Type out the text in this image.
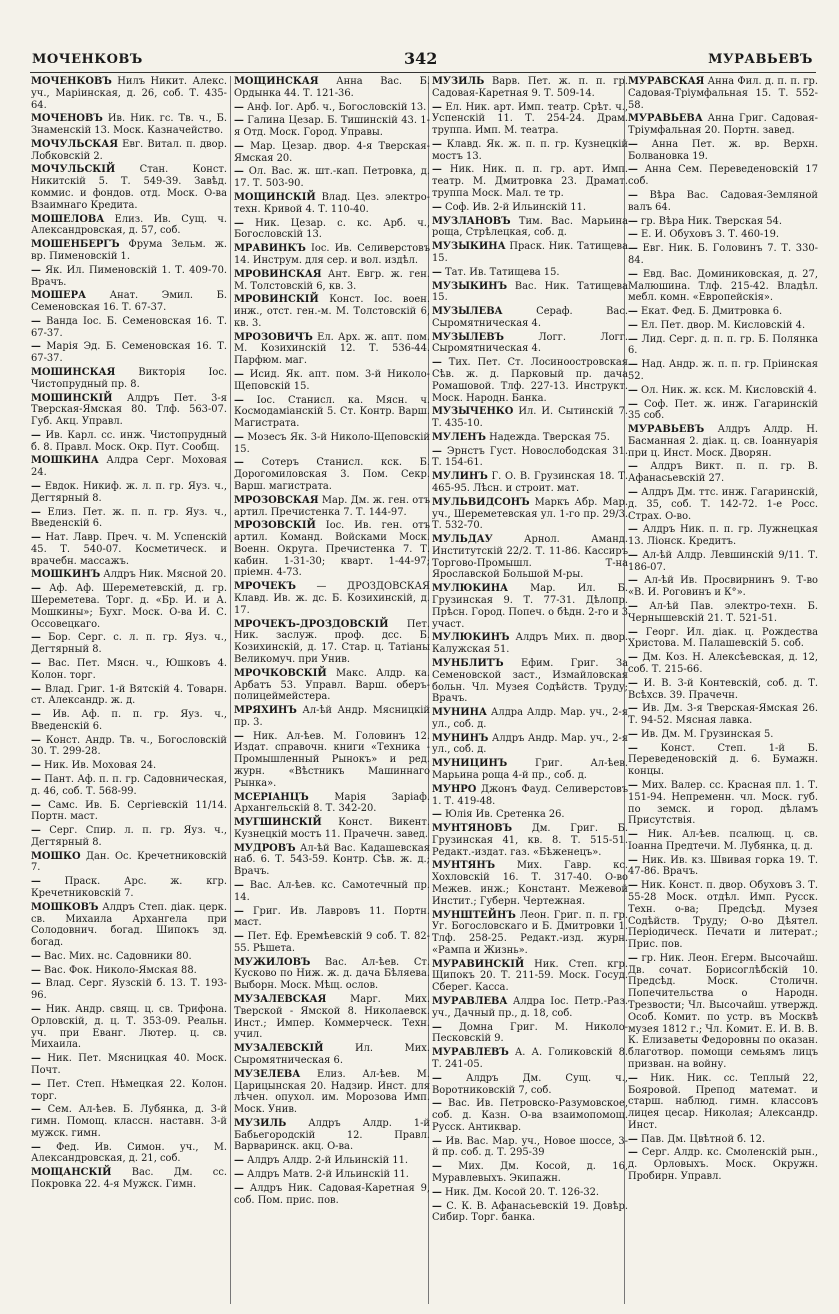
МОЧЕНКОВЪ	342	МУРАВЬЕВЪ
МОЧЕНКОВЪ Нилъ Никит. Алекс. уч., Маріинская, д. 26, соб. Т. 435-64.
МОЧЕНОВЪ Ив. Ник. гс. Тв. ч., Б. Знаменскій 13. Моск. Казначейство.
МОЧУЛЬСКАЯ Евг. Витал. п. двор. Лобковскій 2.
МОЧУЛЬСКІЙ Стан. Конст. Никитскій 5. Т. 549-39. Завѣд. коммис. и фондов. отд. Моск. О-ва Взаимнаго Кредита.
МОШЕЛОВА Елиз. Ив. Сущ. ч. Александровская, д. 57, соб.
МОШЕНБЕРГЪ Фрума Зельм. ж. вр. Пименовскій 1.
— Як. Ил. Пименовскій 1. Т. 409-70. Врачъ.
МОШЕРА Анат. Эмил. Б. Семеновская 16. Т. 67-37.
— Ванда Іос. Б. Семеновская 16. Т. 67-37.
— Марія Эд. Б. Семеновская 16. Т. 67-37.
МОШИНСКАЯ Викторія Іос. Чистопрудный пр. 8.
МОШИНСКІЙ Алдръ Пет. 3-я Тверская-Ямская 80. Тлф. 563-07. Губ. Акц. Управл.
— Ив. Карл. сс. инж. Чистопрудный б. 8. Правл. Моск. Окр. Пут. Сообщ.
МОШКИНА Алдра Серг. Моховая 24.
— Евдок. Никиф. ж. л. п. гр. Яуз. ч., Дегтярный 8.
— Елиз. Пет. ж. п. п. гр. Яуз. ч., Введенскій 6.
— Нат. Лавр. Преч. ч. М. Успенскій 45. Т. 540-07. Косметическ. и врачебн. массажъ.
МОШКИНЪ Алдръ Ник. Мясной 20.
— Аф. Аф. Шереметевскій, д. гр. Шереметева. Торг. д. «Бр. И. и А. Мошкины»; Бухг. Моск. О-ва И. С. Оссовецкаго.
— Бор. Серг. с. л. п. гр. Яуз. ч., Дегтярный 8.
— Вас. Пет. Мясн. ч., Юшковъ 4. Колон. торг.
— Влад. Григ. 1-й Вятскій 4. Товарн. ст. Александр. ж. д.
— Ив. Аф. п. п. гр. Яуз. ч., Введенскій 6.
— Конст. Андр. Тв. ч., Богословскій 30. Т. 299-28.
— Ник. Ив. Моховая 24.
— Пант. Аф. п. п. гр. Садовническая, д. 46, соб. Т. 568-99.
— Самс. Ив. Б. Сергіевскій 11/14. Портн. маст.
— Серг. Спир. л. п. гр. Яуз. ч., Дегтярный 8.
МОШКО Дан. Ос. Кречетниковскій 7.
— Праск. Арс. ж. кгр. Кречетниковскій 7.
МОШКОВЪ Алдръ Степ. діак. церк. св. Михаила Архангела при Солодовнич. богад. Шипокъ зд. богад.
— Вас. Мих. нс. Садовники 80.
— Вас. Фок. Николо-Ямская 88.
— Влад. Серг. Яузскій б. 13. Т. 193-96.
— Ник. Андр. свящ. ц. св. Трифона. Орловскій, д. ц. Т. 353-09. Реальн. уч. при Еванг. Лютер. ц. св. Михаила.
— Ник. Пет. Мясницкая 40. Моск. Почт.
— Пет. Степ. Нѣмецкая 22. Колон. торг.
— Сем. Ал-ѣев. Б. Лубянка, д. 3-й гимн. Помощ. классн. наставн. 3-й мужск. гимн.
— Фед. Ив. Симон. уч., М. Александровская, д. 21, соб.
МОЩАНСКІЙ Вас. Дм. сс. Покровка 22. 4-я Мужск. Гимн.
МОЩИНСКАЯ Анна Вас. Б. Ордынка 44. Т. 121-36.
— Анф. Іог. Арб. ч., Богословскій 13.
— Галина Цезар. Б. Тишинскій 43. 1-я Отд. Моск. Город. Управы.
— Мар. Цезар. двор. 4-я Тверская-Ямская 20.
— Ол. Вас. ж. шт.-кап. Петровка, д. 17. Т. 503-90.
МОЩИНСКІЙ Влад. Цез. электро-техн. Кривой 4. Т. 110-40.
— Ник. Цезар. с. кс. Арб. ч., Богословскій 13.
МРАВИНКЪ Іос. Ив. Селиверстовъ 14. Инструм. для сер. и вол. издѣл.
МРОВИНСКАЯ Ант. Евгр. ж. ген. М. Толстовскій 6, кв. 3.
МРОВИНСКІЙ Конст. Іос. воен. инж., отст. ген.-м. М. Толстовскій 6, кв. 3.
МРОЗОВИЧЪ Ел. Арх. ж. апт. пом. М. Козихинскій 12. Т. 536-44. Парфюм. маг.
— Исид. Як. апт. пом. 3-й Николо-Щеповскій 15.
— Іос. Станисл. ка. Мясн. ч. Космодаміанскій 5. Ст. Контр. Варш. Магистрата.
— Мозесъ Як. 3-й Николо-Щеповскій 15.
— Сотеръ Станисл. кск. Б. Дорогомиловская 3. Пом. Секр. Варш. магистрата.
МРОЗОВСКАЯ Мар. Дм. ж. ген. отъ артил. Пречистенка 7. Т. 144-97.
МРОЗОВСКІЙ Іос. Ив. ген. отъ артил. Команд. Войсками Моск. Военн. Округа. Пречистенка 7. Т. кабин. 1-31-30; кварт. 1-44-97; пріемн. 4-73.
МРОЧЕКЪ — ДРОЗДОВСКАЯ Клавд. Ив. ж. дс. Б. Козихинскій, д. 17.
МРОЧЕКЪ-ДРОЗДОВСКІЙ Пет. Ник. заслуж. проф. дсс. Б. Козихинскій, д. 17. Стар. ц. Татіаны Великомуч. при Унив.
МРОЧКОВСКІЙ Макс. Алдр. ка. Арбатъ 53. Управл. Варш. оберъ-полицеймейстера.
МРЯХИНЪ Ал-ѣй Андр. Мясницкій пр. 3.
— Ник. Ал-ѣев. М. Головинъ 12. Издат. справочн. книги «Техника - Промышленный Рынокъ» и ред. журн. «Вѣстникъ Машиннаго Рынка».
МСЕРІАНЦЪ Марія Заріаф. Архангельскій 8. Т. 342-20.
МУГШИНСКІЙ Конст. Викент. Кузнецкій мостъ 11. Прачечн. завед.
МУДРОВЪ Ал-ѣй Вас. Кадашевская наб. 6. Т. 543-59. Контр. Сѣв. ж. д.; Врачъ.
— Вас. Ал-ѣев. кс. Самотечный пр. 14.
— Григ. Ив. Лавровъ 11. Портн. маст.
— Пет. Еф. Еремѣевскій 9 соб. Т. 82-55. Рѣшета.
МУЖИЛОВЪ Вас. Ал-ѣев. Ст. Кусково по Ниж. ж. д. дача Бѣляева. Выборн. Моск. Мѣщ. ослов.
МУЗАЛЕВСКАЯ Марг. Мих. Тверской - Ямской 8. Николаевск. Инст.; Импер. Коммерческ. Техн. учил.
МУЗАЛЕВСКІЙ Ил. Мих. Сыромятническая 6.
МУЗЕЛЕВА Елиз. Ал-ѣев. М. Царицынская 20. Надзир. Инст. для лѣчен. опухол. им. Морозова Имп. Моск. Унив.
МУЗИЛЬ Алдръ Алдр. 1-й Бабьегородскій 12. Правл. Варваринск. акц. О-ва.
— Алдръ Алдр. 2-й Ильинскій 11.
— Алдръ Матв. 2-й Ильинскій 11.
— Алдръ Ник. Садовая-Каретная 9, соб. Пом. прис. пов.
МУЗИЛЬ Варв. Пет. ж. п. п. гр. Садовая-Каретная 9. Т. 509-14.
— Ел. Ник. арт. Имп. театр. Срѣт. ч., Успенскій 11. Т. 254-24. Драм. труппа. Имп. М. театра.
— Клавд. Як. ж. п. п. гр. Кузнецкій мостъ 13.
— Ник. Ник. п. п. гр. арт. Имп. театр. М. Дмитровка 23. Драмат. труппа Моск. Мал. те тр.
— Соф. Ив. 2-й Ильинскій 11.
МУЗЛАНОВЪ Тим. Вас. Марьина роща, Стрѣлецкая, соб. д.
МУЗЫКИНА Праск. Ник. Татищева 15.
— Тат. Ив. Татищева 15.
МУЗЫКИНЪ Вас. Ник. Татищева 15.
МУЗЫЛЕВА Сераф. Вас. Сыромятническая 4.
МУЗЫЛЕВЪ Логг. Логг. Сыромятническая 4.
— Тих. Пет. Ст. Лосиноостровская Сѣв. ж. д. Парковый пр. дача Ромашовой. Тлф. 227-13. Инструкт. Моск. Народн. Банка.
МУЗЫЧЕНКО Ил. И. Сытинскій 7. Т. 435-10.
МУЛЕНЪ Надежда. Тверская 75.
— Эрнстъ Густ. Новослободская 31. Т. 154-61.
МУЛИНЪ Г. О. В. Грузинская 18. Т. 465-95. Лѣсн. и строит. мат.
МУЛЬВИДСОНЪ Маркъ Абр. Мар. уч., Шереметевская ул. 1-го пр. 29/3. Т. 532-70.
МУЛЬДАУ Арнол. Аманд. Институтскій 22/2. Т. 11-86. Кассиръ Торгово-Промышл. Т-на Ярославской Большой М-ры.
МУЛЮКИНА Мар. Ил. Б. Грузинская 9. Т. 77-31. Дѣлопр. Прѣсн. Город. Попеч. о бѣдн. 2-го и 3 участ.
МУЛЮКИНЪ Алдръ Мих. п. двор. Калужская 51.
МУНБЛИТЪ Ефим. Григ. За Семеновской заст., Измайловская больн. Чл. Музея Содѣйств. Труду; Врачъ.
МУНИНА Алдра Алдр. Мар. уч., 2-я ул., соб. д.
МУНИНЪ Алдръ Андр. Мар. уч., 2-я ул., соб. д.
МУНИЦИНЪ Григ. Ал-ѣев. Марьина роща 4-й пр., соб. д.
МУНРО Джонъ Фауд. Селиверстовъ 1. Т. 419-48.
— Юлія Ив. Сретенка 26.
МУНТЯНОВЪ Дм. Григ. Б. Грузинская 41, кв. 8. Т. 515-51. Редакт.-издат. газ. «Бѣженецъ».
МУНТЯНЪ Мих. Гавр. кс. Хохловскій 16. Т. 317-40. О-во Межев. инж.; Констант. Межевой Инстит.; Губерн. Чертежная.
МУНШТЕЙНЪ Леон. Григ. п. п. гр. Уг. Богословскаго и Б. Дмитровки 1. Тлф. 258-25. Редакт.-изд. журн. «Рампа и Жизнь».
МУРАВИНСКІЙ Ник. Степ. кгр. Щипокъ 20. Т. 211-59. Моск. Госуд. Сберег. Касса.
МУРАВЛЕВА Алдра Іос. Петр.-Раз. уч., Дачный пр., д. 18, соб.
— Домна Григ. М. Николо-Песковскій 9.
МУРАВЛЕВЪ А. А. Голиковскій 8. Т. 241-05.
— Алдръ Дм. Сущ. ч., Воротниковскій 7, соб.
— Вас. Ив. Петровско-Разумовское, соб. д. Казн. О-ва взаимопомощ. Русск. Антиквар.
— Ив. Вас. Мар. уч., Новое шоссе, 3-й пр. соб. д. Т. 295-39
— Мих. Дм. Косой, д. 16, Муравлевыхъ. Экипажн.
— Ник. Дм. Косой 20. Т. 126-32.
— С. К. В. Афанасьевскій 19. Довѣр. Сибир. Торг. банка.
МУРАВСКАЯ Анна Фил. д. п. п. гр. Садовая-Тріумфальная 15. Т. 552-58.
МУРАВЬЕВА Анна Григ. Садовая-Тріумфальная 20. Портн. завед.
— Анна Пет. ж. вр. Верхн. Болвановка 19.
— Анна Сем. Переведеновскій 17 соб.
— Вѣра Вас. Садовая-Земляной валъ 64.
— гр. Вѣра Ник. Тверская 54.
— Е. И. Обуховъ 3. Т. 460-19.
— Евг. Ник. Б. Головинъ 7. Т. 330-84.
— Евд. Вас. Доминиковская, д. 27, Малюшина. Тлф. 215-42. Владѣл. мебл. комн. «Европейскія».
— Екат. Фед. Б. Дмитровка 6.
— Ел. Пет. двор. М. Кисловскій 4.
— Лид. Серг. д. п. п. гр. Б. Полянка 6.
— Над. Андр. ж. п. п. гр. Пріинская 52.
— Ол. Ник. ж. кск. М. Кисловскій 4.
— Соф. Пет. ж. инж. Гагаринскій 35 соб.
МУРАВЬЕВЪ Алдръ Алдр. Н. Басманная 2. діак. ц. св. Іоаннуарія при ц. Инст. Моск. Дворян.
— Алдръ Викт. п. п. гр. В. Афанасьевскій 27.
— Алдръ Дм. ттс. инж. Гагаринскій, д. 35, соб. Т. 142-72. 1-е Росс. Страх. О-во.
— Алдръ Ник. п. п. гр. Лужнецкая 13. Ліонск. Кредитъ.
— Ал-ѣй Алдр. Левшинскій 9/11. Т. 186-07.
— Ал-ѣй Ив. Просвирнинъ 9. Т-во «В. И. Роговинъ и К°».
— Ал-ѣй Пав. электро-техн. Б. Чернышевскій 21. Т. 521-51.
— Георг. Ил. діак. ц. Рождества Христова. М. Палашевскій 5. соб.
— Дм. Коз. Н. Алексѣевская, д. 12, соб. Т. 215-66.
— И. В. 3-й Контевскій, соб. д. Т. Всѣхсв. 39. Прачечн.
— Ив. Дм. 3-я Тверская-Ямская 26. Т. 94-52. Мясная лавка.
— Ив. Дм. М. Грузинская 5.
— Конст. Степ. 1-й Б. Переведеновскій д. 6. Бумажн. концы.
— Мих. Валер. сс. Красная пл. 1. Т. 151-94. Непременн. чл. Моск. губ. по земск. и город. дѣламъ Присутствія.
— Ник. Ал-ѣев. псалющ. ц. св. Іоанна Предтечи. М. Лубянка, ц. д.
— Ник. Ив. кз. Швивая горка 19. Т. 47-86. Врачъ.
— Ник. Конст. п. двор. Обуховъ 3. Т. 55-28 Моск. отдѣл. Имп. Русск. Техн. о-ва; Предсѣд. Музея Содѣйств. Труду; О-во Дѣятел. Періодическ. Печати и литерат.; Прис. пов.
— гр. Ник. Леон. Егерм. Высочайш. Дв. сочат. Борисоглѣбскій 10. Предсѣд. Моск. Столичн. Попечительства о Народн. Трезвости; Чл. Высочайш. утвержд. Особ. Комит. по устр. въ Москвѣ музея 1812 г.; Чл. Комит. Е. И. В. В. К. Елизаветы Федоровны по оказан. благотвор. помощи семьямъ лицъ призван. на войну.
— Ник. Ник. сс. Теплый 22, Бояровой. Препод математ. и старш. наблюд. гимн. классовъ лицея цесар. Николая; Александр. Инст.
— Пав. Дм. Цвѣтной б. 12.
— Серг. Алдр. кс. Смоленскій рын., д. Орловыхъ. Моск. Окружн. Пробирн. Управл.
